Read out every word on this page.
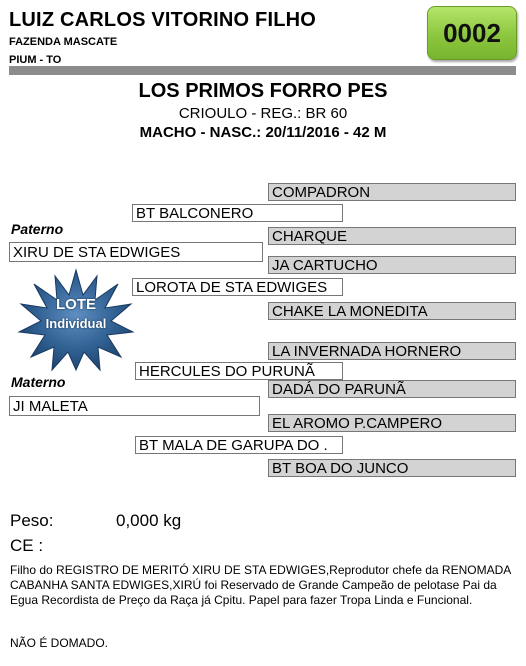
LUIZ CARLOS VITORINO FILHO
FAZENDA MASCATE
PIUM - TO
0002
LOS PRIMOS FORRO PES
CRIOULO - REG.: BR 60
MACHO - NASC.: 20/11/2016 - 42 M
Paterno
Materno
COMPADRON
CHARQUE
JA CARTUCHO
CHAKE LA MONEDITA
LA INVERNADA HORNERO
DADÁ DO PARUNÃ
EL AROMO P.CAMPERO
BT BOA DO JUNCO
BT BALCONERO
LOROTA DE STA EDWIGES
HERCULES DO PURUNÃ
BT MALA DE GARUPA DO .
XIRU DE STA EDWIGES
JI MALETA
LOTE
Individual
Peso:	0,000 kg
CE :
Filho do REGISTRO DE MERITÓ XIRU DE STA EDWIGES,Reprodutor chefe da RENOMADA CABANHA SANTA EDWIGES,XIRÚ foi Reservado de Grande Campeão de pelotase Pai da Egua Recordista de Preço da Raça já Cpitu. Papel para fazer Tropa Linda e Funcional.
NÃO É DOMADO.
